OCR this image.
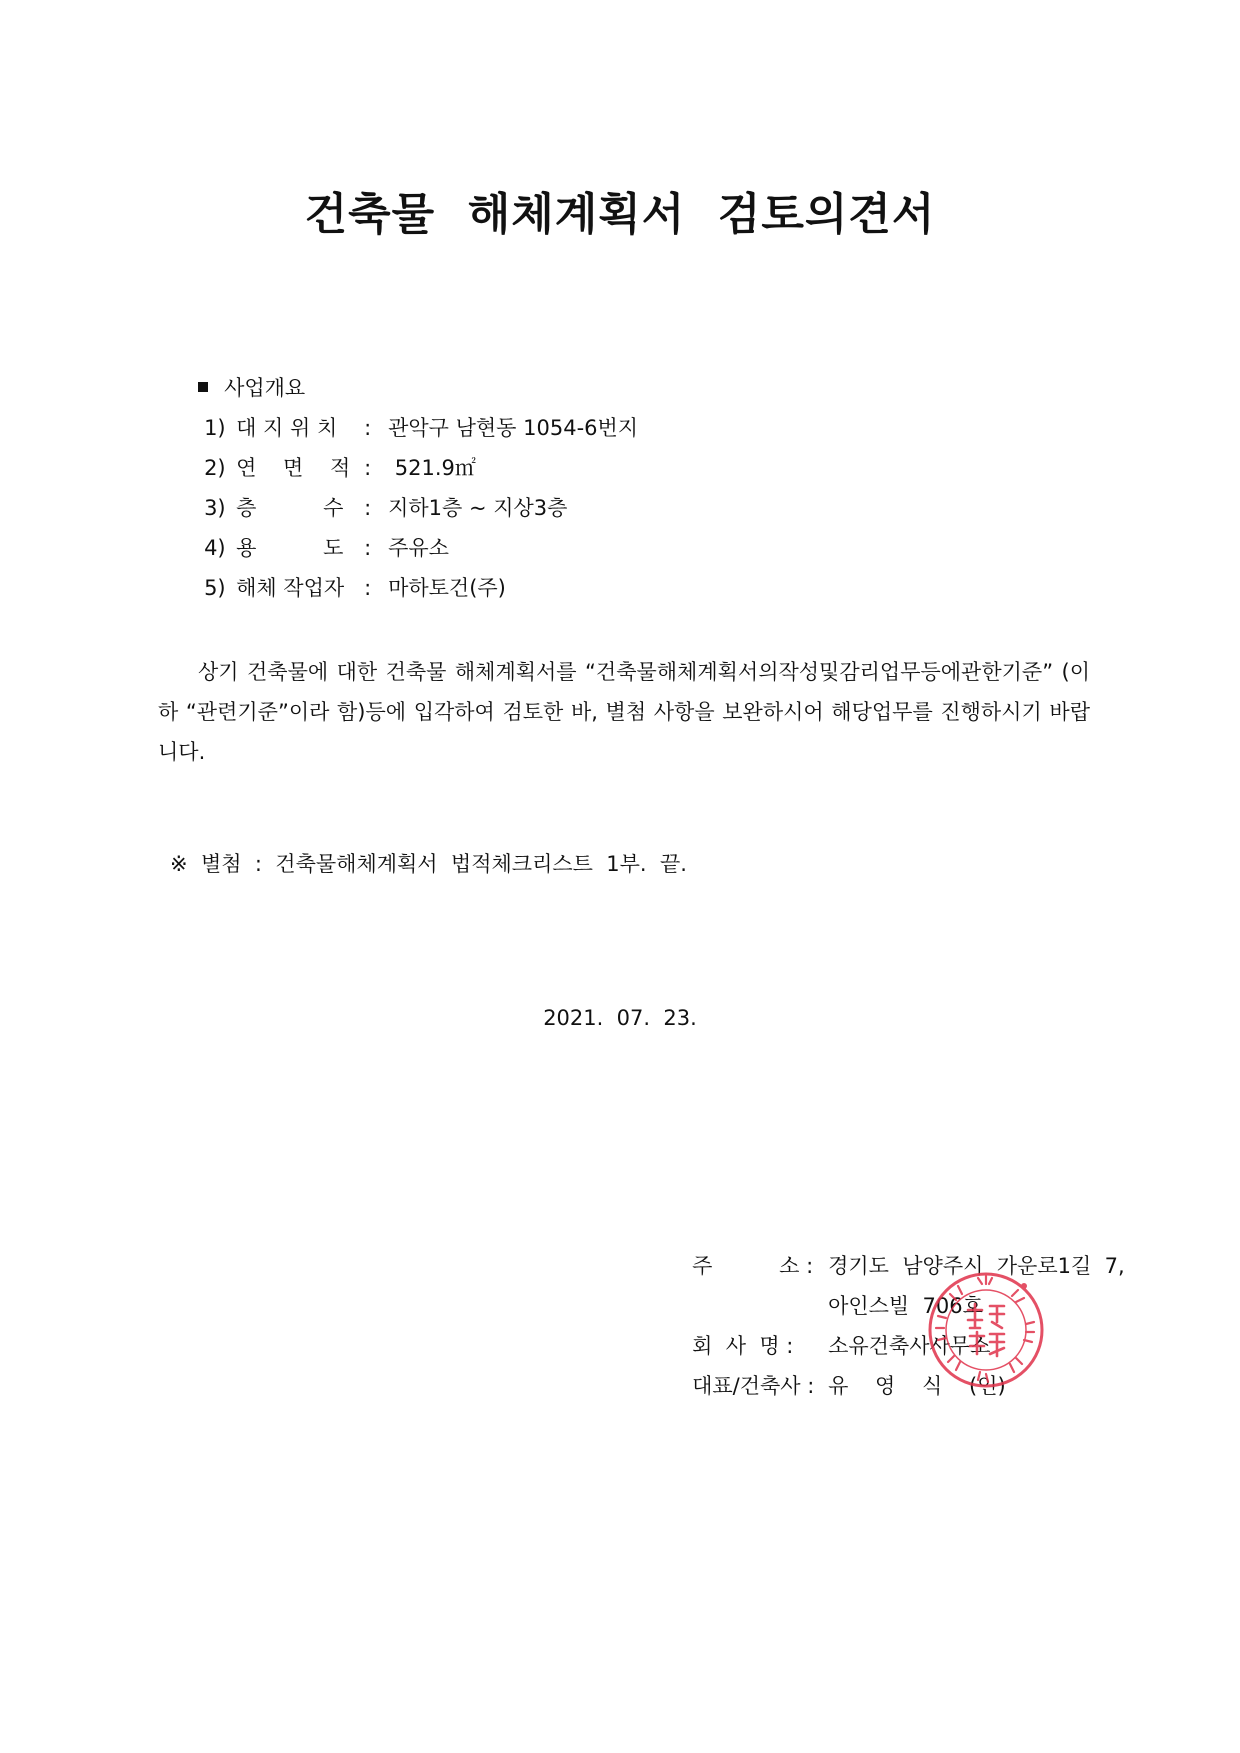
건축물  해체계획서  검토의견서

사업개요

1) 대 지 위 치 : 관악구 남현동 1054-6번지

2) 연    면    적 : 521.9㎡

3) 층          수 : 지하1층 ~ 지상3층

4) 용          도 : 주유소

5) 해체 작업자 : 마하토건(주)

상기 건축물에 대한 건축물 해체계획서를 “건축물해체계획서의작성및감리업무등에관한기준” (이하 “관련기준”이라 함)등에 입각하여 검토한 바, 별첨 사항을 보완하시어 해당업무를 진행하시기 바랍니다.
※  별첨  :  건축물해체계획서  법적체크리스트  1부.  끝.
2021.  07.  23.

주          소 : 경기도  남양주시  가운로1길  7,

아인스빌  706호

회  사  명 : 소유건축사사무소

대표/건축사 : 유    영    식    (인)
